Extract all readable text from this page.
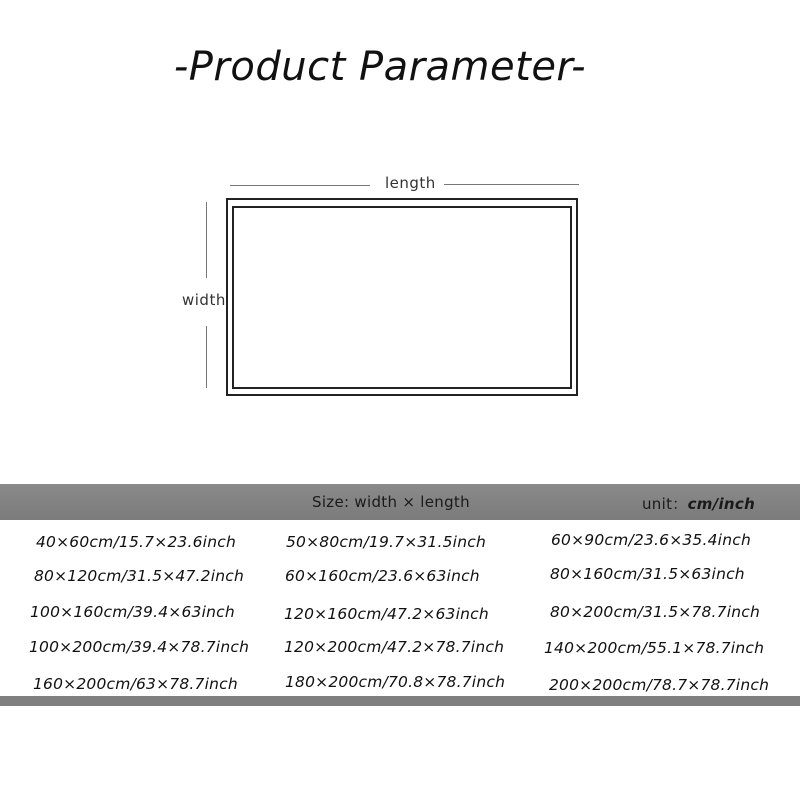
-Product Parameter-
length
width
Size: width × length	unit：cm/inch
40×60cm/15.7×23.6inch	50×80cm/19.7×31.5inch	60×90cm/23.6×35.4inch
80×120cm/31.5×47.2inch	60×160cm/23.6×63inch	80×160cm/31.5×63inch
100×160cm/39.4×63inch	120×160cm/47.2×63inch	80×200cm/31.5×78.7inch
100×200cm/39.4×78.7inch 120×200cm/47.2×78.7inch	140×200cm/55.1×78.7inch
160×200cm/63×78.7inch	180×200cm/70.8×78.7inch	200×200cm/78.7×78.7inch
